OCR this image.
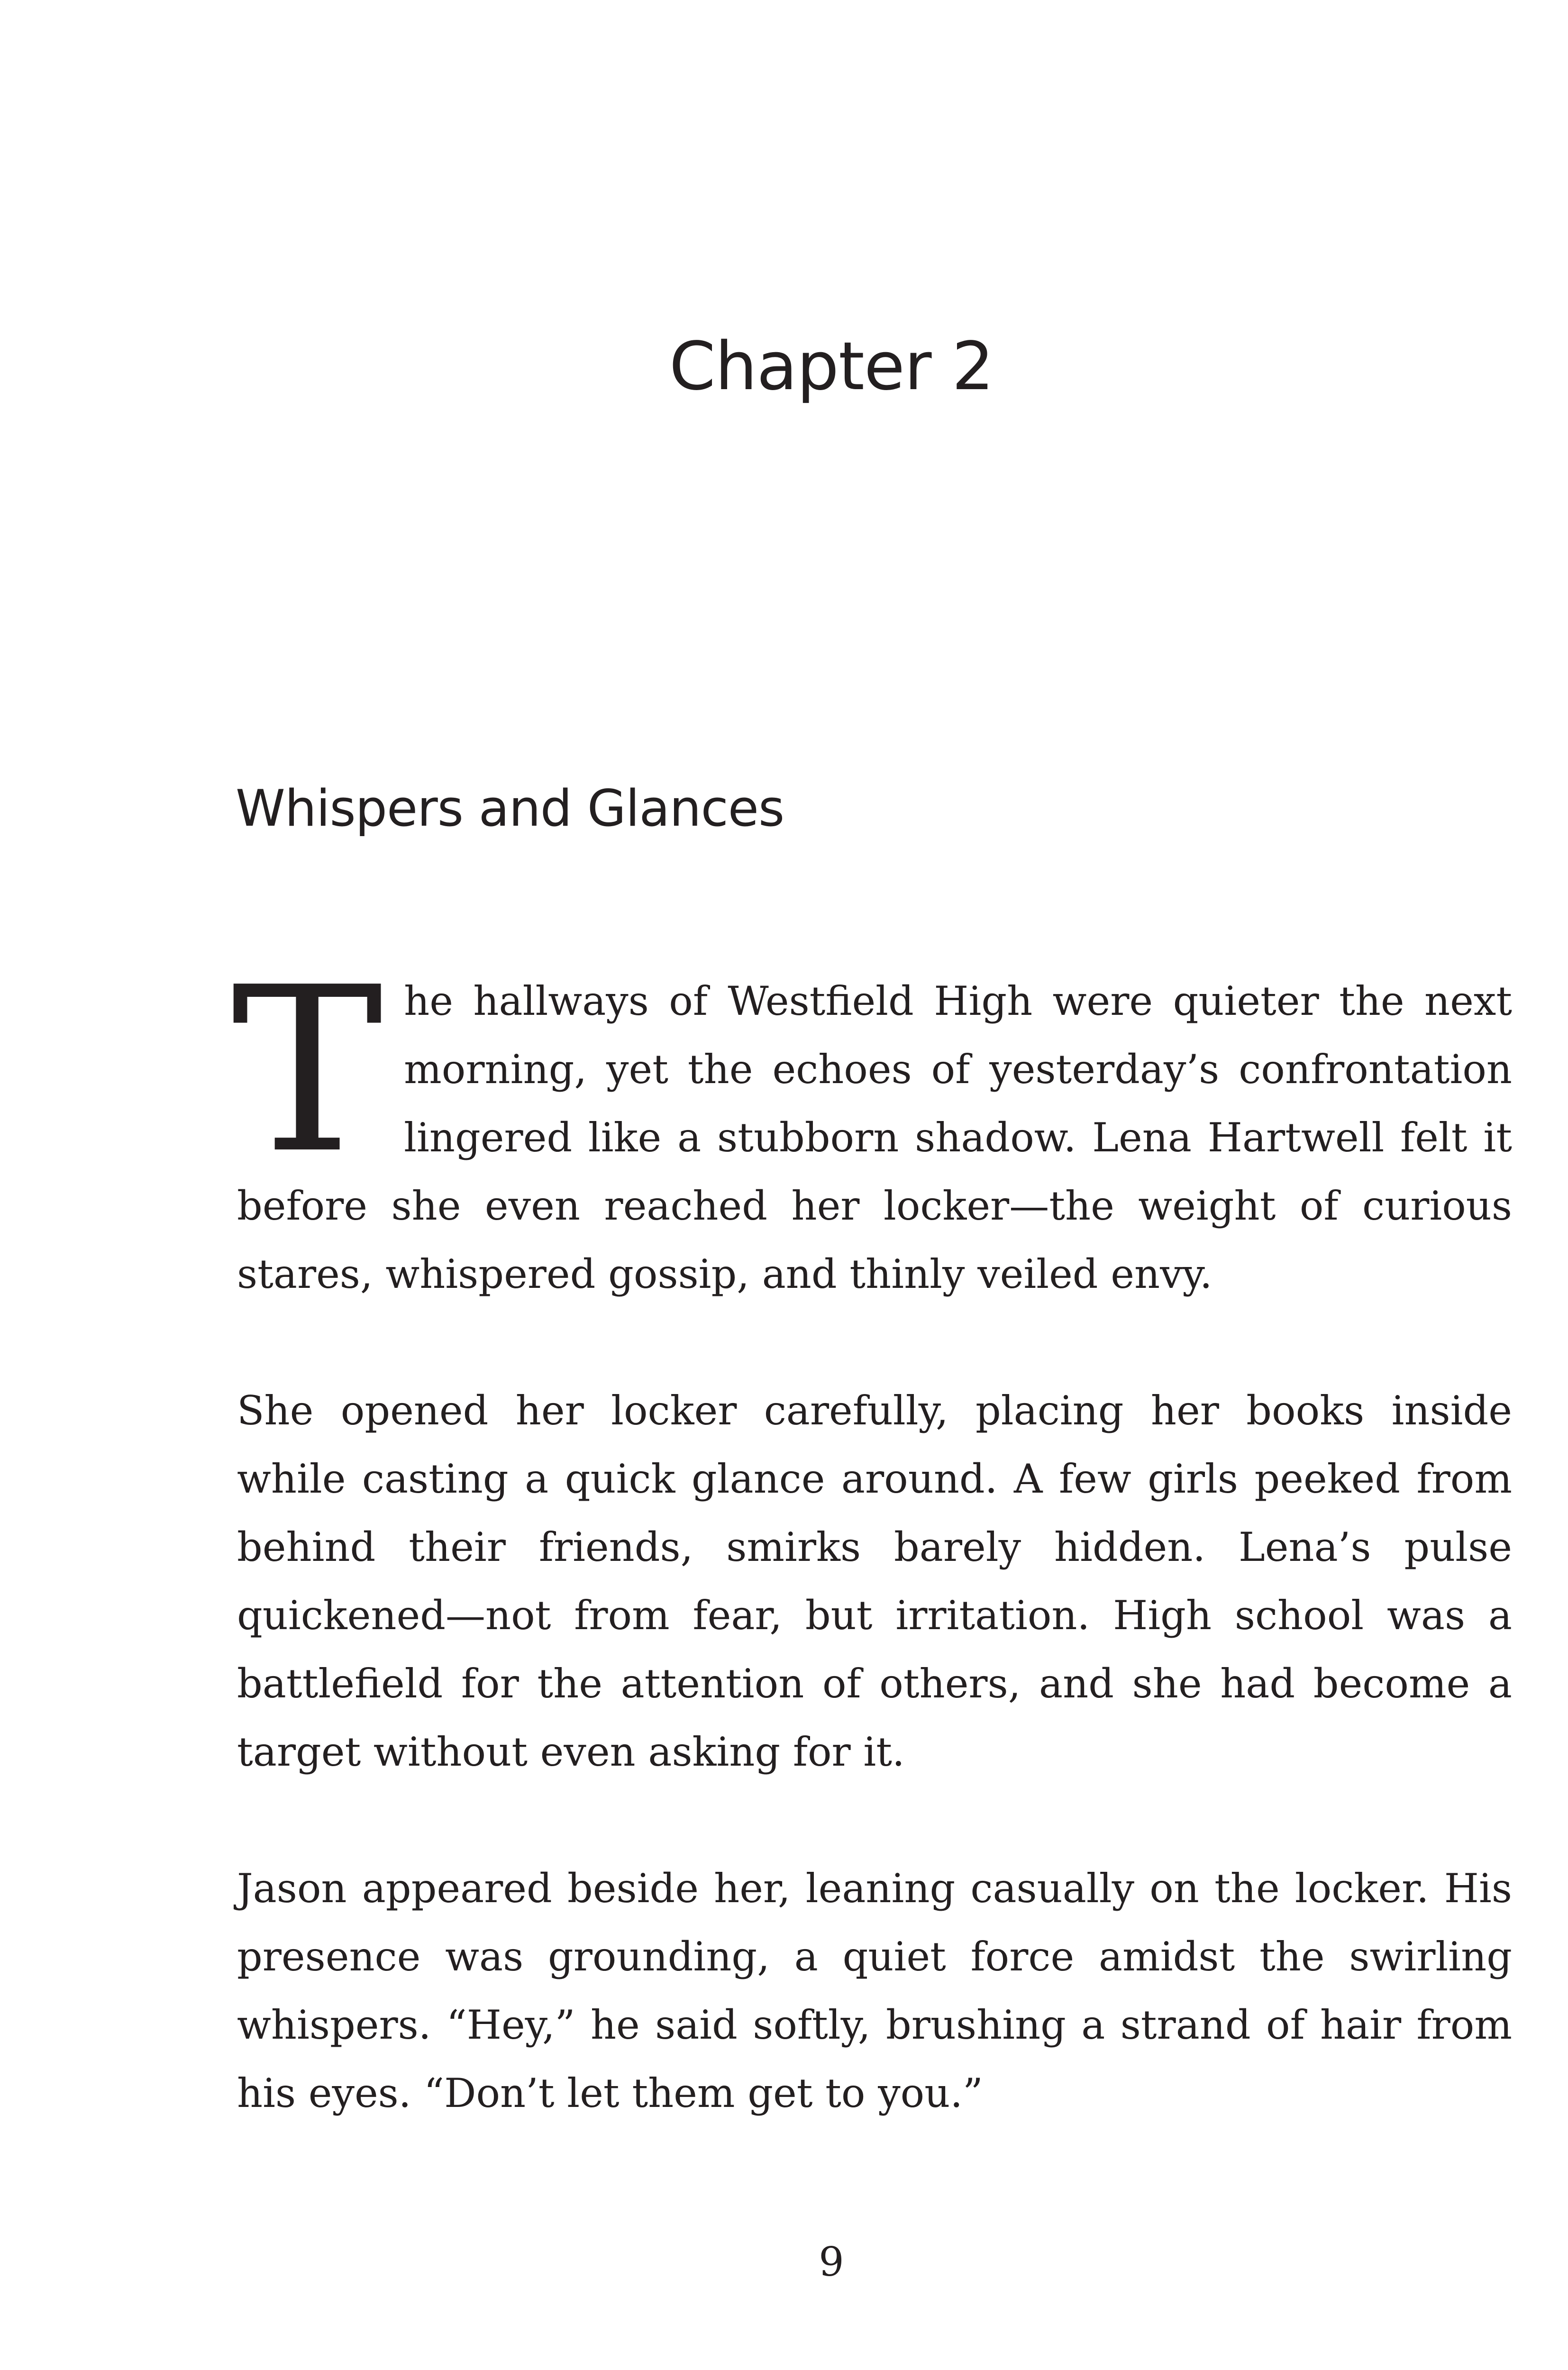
Chapter 2
Whispers and Glances

The hallways of Westfield High were quieter the next morning, yet the echoes of yesterday’s confrontation lingered like a stubborn shadow. Lena Hartwell felt it before she even reached her locker—the weight of curious stares, whispered gossip, and thinly veiled envy.

She opened her locker carefully, placing her books inside while casting a quick glance around. A few girls peeked from behind their friends, smirks barely hidden. Lena’s pulse quickened—not from fear, but irritation. High school was a battlefield for the attention of others, and she had become a target without even asking for it.

Jason appeared beside her, leaning casually on the locker. His presence was grounding, a quiet force amidst the swirling whispers. “Hey,” he said softly, brushing a strand of hair from his eyes. “Don’t let them get to you.”

9
